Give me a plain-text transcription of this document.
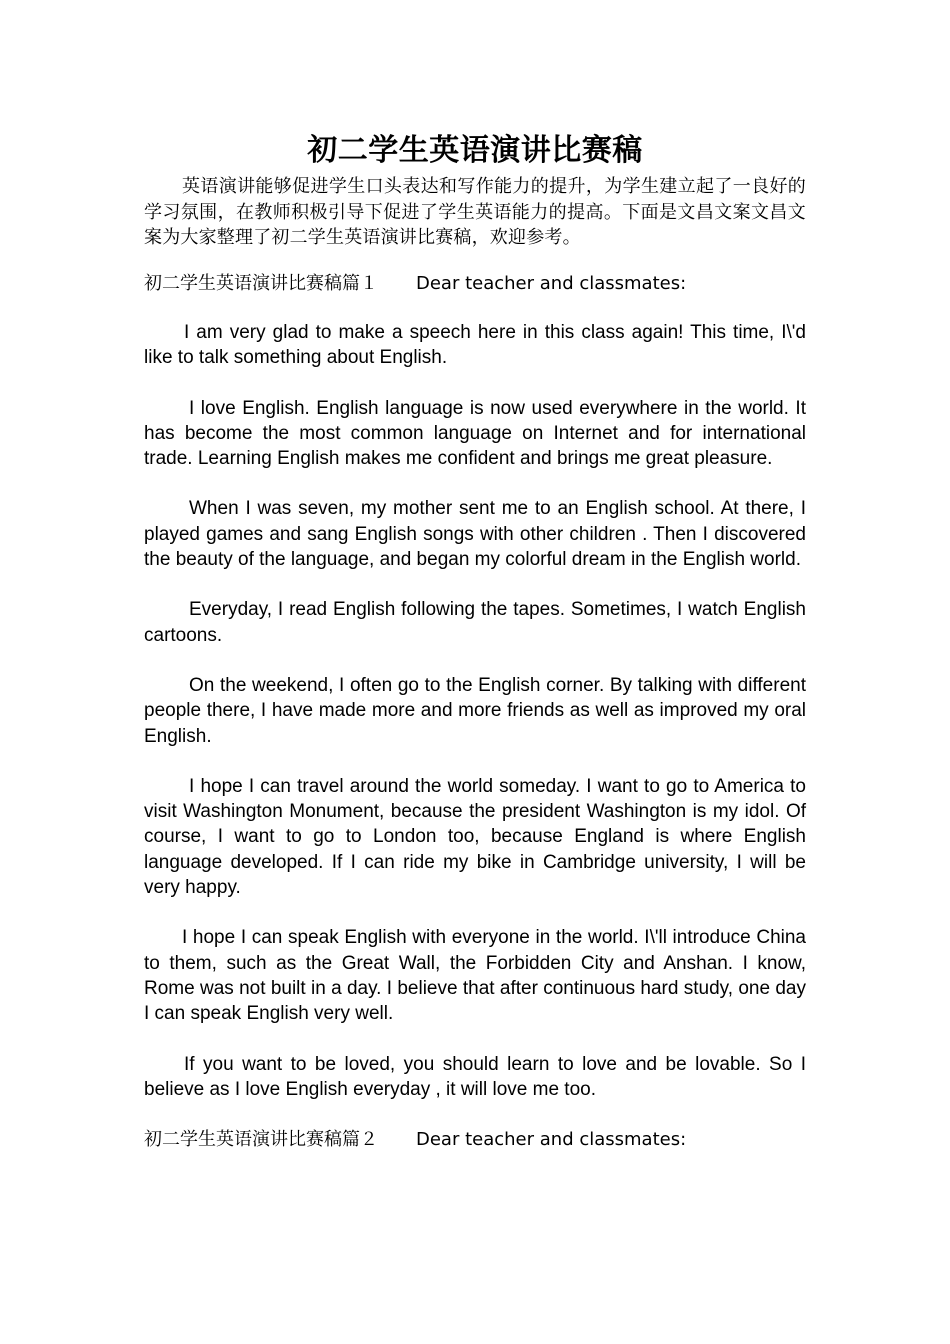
初二学生英语演讲比赛稿

英语演讲能够促进学生口头表达和写作能力的提升，为学生建立起了一良好的学习氛围，在教师积极引导下促进了学生英语能力的提高。下面是文昌文案文昌文案为大家整理了初二学生英语演讲比赛稿，欢迎参考。

初二学生英语演讲比赛稿篇１ Dear teacher and classmates:

I am very glad to make a speech here in this class again! This time, I\'d like to talk something about English.

I love English. English language is now used everywhere in the world. It has become the most common language on Internet and for international trade. Learning English makes me confident and brings me great pleasure.

When I was seven, my mother sent me to an English school. At there, I played games and sang English songs with other children . Then I discovered the beauty of the language, and began my colorful dream in the English world.

Everyday, I read English following the tapes. Sometimes, I watch English cartoons.

On the weekend, I often go to the English corner. By talking with different people there, I have made more and more friends as well as improved my oral English.

I hope I can travel around the world someday. I want to go to America to visit Washington Monument, because the president Washington is my idol. Of course, I want to go to London too, because England is where English language developed. If I can ride my bike in Cambridge university, I will be very happy.

I hope I can speak English with everyone in the world. I\'ll introduce China to them, such as the Great Wall, the Forbidden City and Anshan. I know, Rome was not built in a day. I believe that after continuous hard study, one day I can speak English very well.

If you want to be loved, you should learn to love and be lovable. So I believe as I love English everyday , it will love me too.

初二学生英语演讲比赛稿篇２ Dear teacher and classmates:
